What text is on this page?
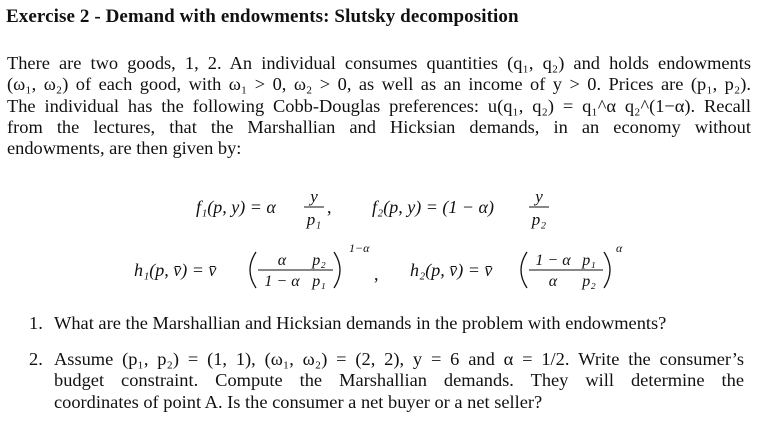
Exercise 2 - Demand with endowments: Slutsky decomposition
There are two goods, 1, 2. An individual consumes quantities (q₁, q₂) and holds endowments
(ω₁, ω₂) of each good, with ω₁ > 0, ω₂ > 0, as well as an income of y > 0. Prices are (p₁, p₂).
The individual has the following Cobb-Douglas preferences: u(q₁, q₂) = q₁^α q₂^(1−α). Recall
from the lectures, that the Marshallian and Hicksian demands, in an economy without
endowments, are then given by:
f₁(p, y) = α
y
p₁
, f₂(p, y) = (1 − α)
y
p₂
h₁(p, v̄) = v̄	α p₂
1 − α p₁
1−α
, h₂(p, v̄) = v̄	1 − α p₁
α p₂
α
1. What are the Marshallian and Hicksian demands in the problem with endowments?
2. Assume (p₁, p₂) = (1, 1), (ω₁, ω₂) = (2, 2), y = 6 and α = 1/2. Write the consumer’s
budget constraint. Compute the Marshallian demands. They will determine the
coordinates of point A. Is the consumer a net buyer or a net seller?
